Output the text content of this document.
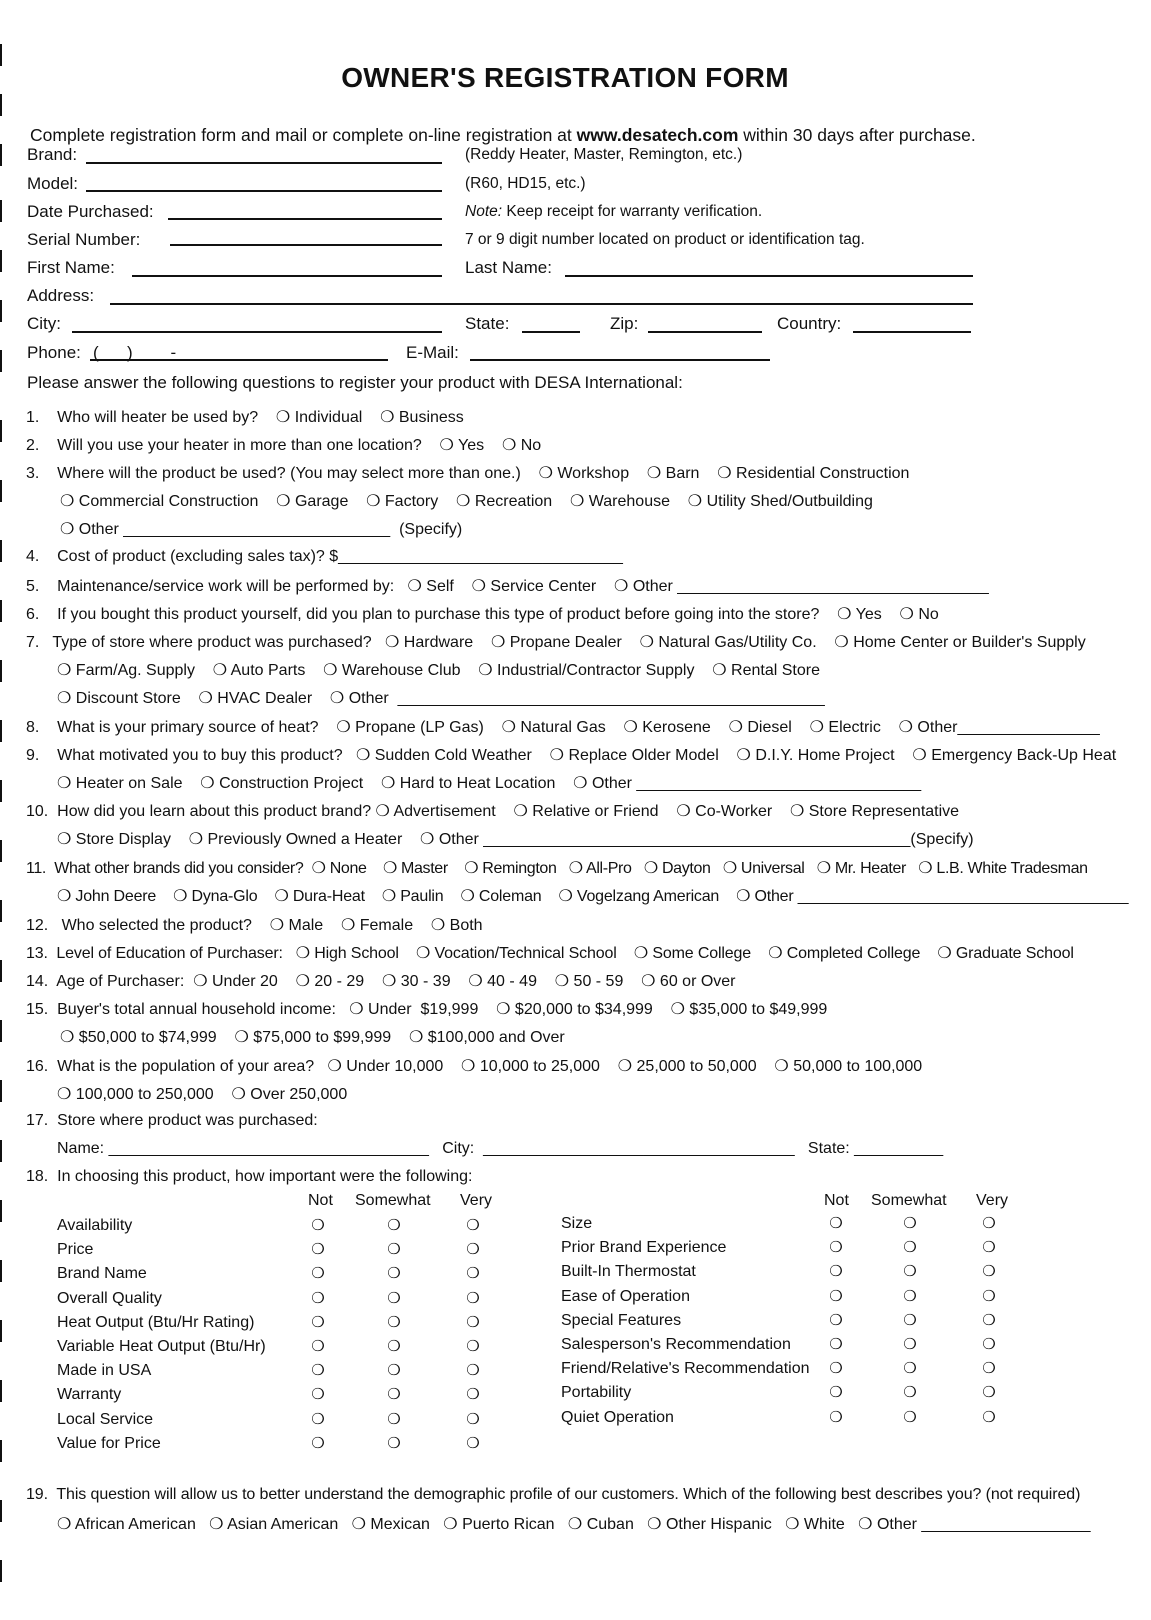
OWNER'S REGISTRATION FORM
Complete registration form and mail or complete on-line registration at www.desatech.com within 30 days after purchase.
Brand:	(Reddy Heater, Master, Remington, etc.)
Model:	(R60, HD15, etc.)
Date Purchased:	Note: Keep receipt for warranty verification.
Serial Number:	7 or 9 digit number located on product or identification tag.
First Name:	Last Name:
Address:
City:	State:	Zip:	Country:
Phone: (      )        -	E-Mail:
Please answer the following questions to register your product with DESA International:
1.    Who will heater be used by?    ❍ Individual    ❍ Business
2.    Will you use your heater in more than one location?    ❍ Yes    ❍ No
3.    Where will the product be used? (You may select more than one.)    ❍ Workshop    ❍ Barn    ❍ Residential Construction
❍ Commercial Construction    ❍ Garage    ❍ Factory    ❍ Recreation    ❍ Warehouse    ❍ Utility Shed/Outbuilding
❍ Other ______________________________  (Specify)
4.    Cost of product (excluding sales tax)? $________________________________
5.    Maintenance/service work will be performed by:   ❍ Self    ❍ Service Center    ❍ Other ___________________________________
6.    If you bought this product yourself, did you plan to purchase this type of product before going into the store?    ❍ Yes    ❍ No
7.   Type of store where product was purchased?   ❍ Hardware    ❍ Propane Dealer    ❍ Natural Gas/Utility Co.    ❍ Home Center or Builder's Supply
❍ Farm/Ag. Supply    ❍ Auto Parts    ❍ Warehouse Club    ❍ Industrial/Contractor Supply    ❍ Rental Store
❍ Discount Store    ❍ HVAC Dealer    ❍ Other  ________________________________________________
8.    What is your primary source of heat?    ❍ Propane (LP Gas)    ❍ Natural Gas    ❍ Kerosene    ❍ Diesel    ❍ Electric    ❍ Other________________
9.    What motivated you to buy this product?   ❍ Sudden Cold Weather    ❍ Replace Older Model    ❍ D.I.Y. Home Project    ❍ Emergency Back-Up Heat
❍ Heater on Sale    ❍ Construction Project    ❍ Hard to Heat Location    ❍ Other ________________________________
10.  How did you learn about this product brand? ❍ Advertisement    ❍ Relative or Friend    ❍ Co-Worker    ❍ Store Representative
❍ Store Display    ❍ Previously Owned a Heater    ❍ Other ________________________________________________(Specify)
11.  What other brands did you consider?  ❍ None    ❍ Master    ❍ Remington   ❍ All-Pro   ❍ Dayton   ❍ Universal   ❍ Mr. Heater   ❍ L.B. White Tradesman
❍ John Deere    ❍ Dyna-Glo    ❍ Dura-Heat    ❍ Paulin    ❍ Coleman    ❍ Vogelzang American    ❍ Other ______________________________________
12.   Who selected the product?    ❍ Male    ❍ Female    ❍ Both
13.  Level of Education of Purchaser:   ❍ High School    ❍ Vocation/Technical School    ❍ Some College    ❍ Completed College    ❍ Graduate School
14.  Age of Purchaser:  ❍ Under 20    ❍ 20 - 29    ❍ 30 - 39    ❍ 40 - 49    ❍ 50 - 59    ❍ 60 or Over
15.  Buyer's total annual household income:   ❍ Under  $19,999    ❍ $20,000 to $34,999    ❍ $35,000 to $49,999
❍ $50,000 to $74,999    ❍ $75,000 to $99,999    ❍ $100,000 and Over
16.  What is the population of your area?   ❍ Under 10,000    ❍ 10,000 to 25,000    ❍ 25,000 to 50,000    ❍ 50,000 to 100,000
❍ 100,000 to 250,000    ❍ Over 250,000
17.  Store where product was purchased:
Name: ____________________________________   City:  ___________________________________   State: __________
18.  In choosing this product, how important were the following:
Not Somewhat Very	Not Somewhat Very
Availability	❍	❍	❍
Price	❍	❍	❍
Brand Name	❍	❍	❍
Overall Quality	❍	❍	❍
Heat Output (Btu/Hr Rating)	❍	❍	❍
Variable Heat Output (Btu/Hr)	❍	❍	❍
Made in USA	❍	❍	❍
Warranty	❍	❍	❍
Local Service	❍	❍	❍
Value for Price	❍	❍	❍
Size	❍	❍	❍
Prior Brand Experience	❍	❍	❍
Built-In Thermostat	❍	❍	❍
Ease of Operation	❍	❍	❍
Special Features	❍	❍	❍
Salesperson's Recommendation	❍	❍	❍
Friend/Relative's Recommendation	❍	❍	❍
Portability	❍	❍	❍
Quiet Operation	❍	❍	❍
19.  This question will allow us to better understand the demographic profile of our customers. Which of the following best describes you? (not required)
❍ African American   ❍ Asian American   ❍ Mexican   ❍ Puerto Rican   ❍ Cuban   ❍ Other Hispanic   ❍ White   ❍ Other ___________________
